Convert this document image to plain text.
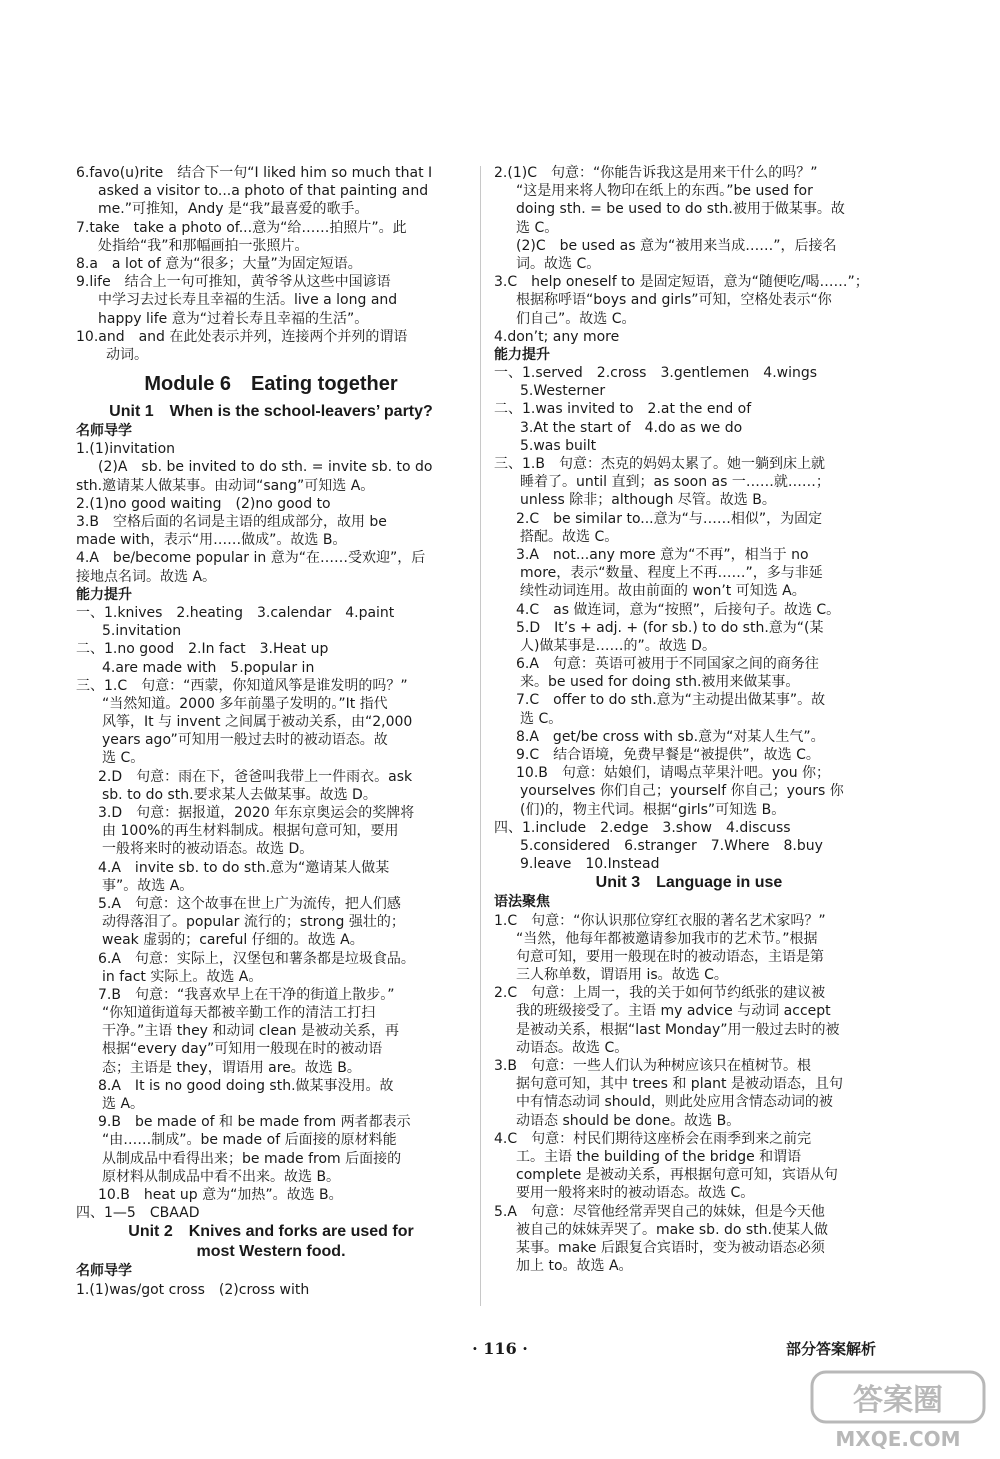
6.favo(u)rite　结合下一句“I liked him so much that I
asked a visitor to...a photo of that painting and
me.”可推知，Andy 是“我”最喜爱的歌手。
7.take　take a photo of...意为“给……拍照片”。此
处指给“我”和那幅画拍一张照片。
8.a　a lot of 意为“很多；大量”为固定短语。
9.life　结合上一句可推知，黄爷爷从这些中国谚语
中学习去过长寿且幸福的生活。live a long and
happy life 意为“过着长寿且幸福的生活”。
10.and　and 在此处表示并列，连接两个并列的谓语
动词。
Module 6　Eating together
Unit 1　When is the school-leavers’ party?
名师导学
1.(1)invitation
(2)A　sb. be invited to do sth. = invite sb. to do
sth.邀请某人做某事。由动词“sang”可知选 A。
2.(1)no good waiting　(2)no good to
3.B　空格后面的名词是主语的组成部分，故用 be
made with，表示“用……做成”。故选 B。
4.A　be/become popular in 意为“在……受欢迎”，后
接地点名词。故选 A。
能力提升
一、1.knives　2.heating　3.calendar　4.paint
5.invitation
二、1.no good　2.In fact　3.Heat up
4.are made with　5.popular in
三、1.C　句意：“西蒙，你知道风筝是谁发明的吗？”
“当然知道。2000 多年前墨子发明的。”It 指代
风筝，It 与 invent 之间属于被动关系，由“2,000
years ago”可知用一般过去时的被动语态。故
选 C。
2.D　句意：雨在下，爸爸叫我带上一件雨衣。ask
sb. to do sth.要求某人去做某事。故选 D。
3.D　句意：据报道，2020 年东京奥运会的奖牌将
由 100%的再生材料制成。根据句意可知，要用
一般将来时的被动语态。故选 D。
4.A　invite sb. to do sth.意为“邀请某人做某
事”。故选 A。
5.A　句意：这个故事在世上广为流传，把人们感
动得落泪了。popular 流行的；strong 强壮的；
weak 虚弱的；careful 仔细的。故选 A。
6.A　句意：实际上，汉堡包和薯条都是垃圾食品。
in fact 实际上。故选 A。
7.B　句意：“我喜欢早上在干净的街道上散步。”
“你知道街道每天都被辛勤工作的清洁工打扫
干净。”主语 they 和动词 clean 是被动关系，再
根据“every day”可知用一般现在时的被动语
态；主语是 they，谓语用 are。故选 B。
8.A　It is no good doing sth.做某事没用。故
选 A。
9.B　be made of 和 be made from 两者都表示
“由……制成”。be made of 后面接的原材料能
从制成品中看得出来；be made from 后面接的
原材料从制成品中看不出来。故选 B。
10.B　heat up 意为“加热”。故选 B。
四、1—5　CBAAD
Unit 2　Knives and forks are used for
most Western food.
名师导学
1.(1)was/got cross　(2)cross with
2.(1)C　句意：“你能告诉我这是用来干什么的吗？”
“这是用来将人物印在纸上的东西。”be used for
doing sth. = be used to do sth.被用于做某事。故
选 C。
(2)C　be used as 意为“被用来当成……”，后接名
词。故选 C。
3.C　help oneself to 是固定短语，意为“随便吃/喝……”；
根据称呼语“boys and girls”可知，空格处表示“你
们自己”。故选 C。
4.don’t; any more
能力提升
一、1.served　2.cross　3.gentlemen　4.wings
5.Westerner
二、1.was invited to　2.at the end of
3.At the start of　4.do as we do
5.was built
三、1.B　句意：杰克的妈妈太累了。她一躺到床上就
睡着了。until 直到；as soon as 一……就……；
unless 除非；although 尽管。故选 B。
2.C　be similar to...意为“与……相似”，为固定
搭配。故选 C。
3.A　not...any more 意为“不再”，相当于 no
more，表示“数量、程度上不再……”，多与非延
续性动词连用。故由前面的 won’t 可知选 A。
4.C　as 做连词，意为“按照”，后接句子。故选 C。
5.D　It’s + adj. + (for sb.) to do sth.意为“(某
人)做某事是……的”。故选 D。
6.A　句意：英语可被用于不同国家之间的商务往
来。be used for doing sth.被用来做某事。
7.C　offer to do sth.意为“主动提出做某事”。故
选 C。
8.A　get/be cross with sb.意为“对某人生气”。
9.C　结合语境，免费早餐是“被提供”，故选 C。
10.B　句意：姑娘们，请喝点苹果汁吧。you 你；
yourselves 你们自己；yourself 你自己；yours 你
(们)的，物主代词。根据“girls”可知选 B。
四、1.include　2.edge　3.show　4.discuss
5.considered　6.stranger　7.Where　8.buy
9.leave　10.Instead
Unit 3　Language in use
语法聚焦
1.C　句意：“你认识那位穿红衣服的著名艺术家吗？”
“当然，他每年都被邀请参加我市的艺术节。”根据
句意可知，要用一般现在时的被动语态，主语是第
三人称单数，谓语用 is。故选 C。
2.C　句意：上周一，我的关于如何节约纸张的建议被
我的班级接受了。主语 my advice 与动词 accept
是被动关系，根据“last Monday”用一般过去时的被
动语态。故选 C。
3.B　句意：一些人们认为种树应该只在植树节。根
据句意可知，其中 trees 和 plant 是被动语态，且句
中有情态动词 should，则此处应用含情态动词的被
动语态 should be done。故选 B。
4.C　句意：村民们期待这座桥会在雨季到来之前完
工。主语 the building of the bridge 和谓语
complete 是被动关系，再根据句意可知，宾语从句
要用一般将来时的被动语态。故选 C。
5.A　句意：尽管他经常弄哭自己的妹妹，但是今天他
被自己的妹妹弄哭了。make sb. do sth.使某人做
某事。make 后跟复合宾语时，变为被动语态必须
加上 to。故选 A。
· 116 ·	部分答案解析
答案圈
MXQE.COM
